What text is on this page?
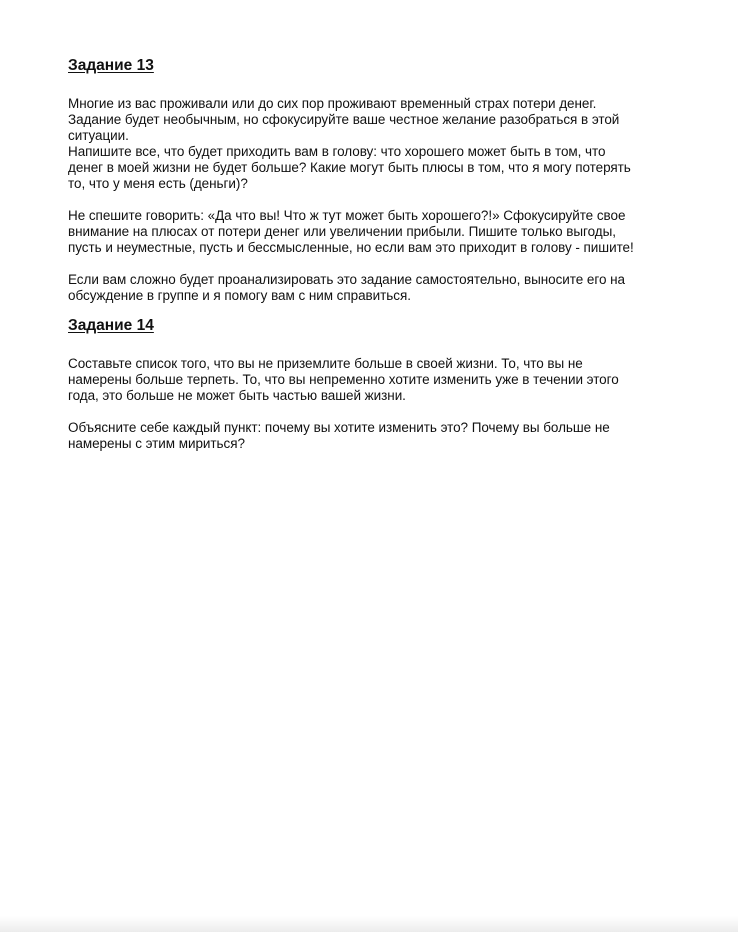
Задание 13

Многие из вас проживали или до сих пор проживают временный страх потери денег.
Задание будет необычным, но сфокусируйте ваше честное желание разобраться в этой
ситуации.
Напишите все, что будет приходить вам в голову: что хорошего может быть в том, что
денег в моей жизни не будет больше? Какие могут быть плюсы в том, что я могу потерять
то, что у меня есть (деньги)?

Не спешите говорить: «Да что вы! Что ж тут может быть хорошего?!» Сфокусируйте свое
внимание на плюсах от потери денег или увеличении прибыли. Пишите только выгоды,
пусть и неуместные, пусть и бессмысленные, но если вам это приходит в голову - пишите!

Если вам сложно будет проанализировать это задание самостоятельно, выносите его на
обсуждение в группе и я помогу вам с ним справиться.

Задание 14

Составьте список того, что вы не приземлите больше в своей жизни. То, что вы не
намерены больше терпеть. То, что вы непременно хотите изменить уже в течении этого
года, это больше не может быть частью вашей жизни.

Объясните себе каждый пункт: почему вы хотите изменить это? Почему вы больше не
намерены с этим мириться?
